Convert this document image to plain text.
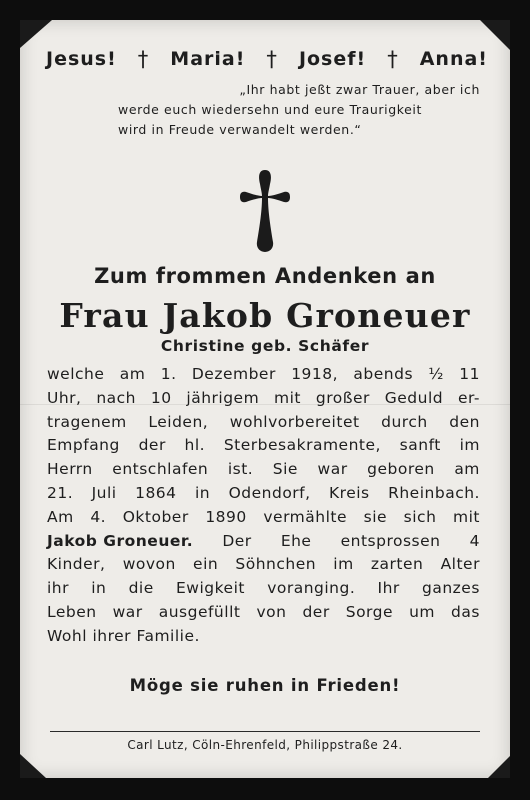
Jesus! † Maria! † Josef! † Anna!
„Ihr habt jeßt zwar Trauer, aber ich
werde euch wiedersehn und eure Traurigkeit
wird in Freude verwandelt werden.“
Zum frommen Andenken an
Frau Jakob Groneuer
Christine geb. Schäfer
welche am 1. Dezember 1918, abends ½ 11
Uhr, nach 10 jährigem mit großer Geduld er-
tragenem Leiden, wohlvorbereitet durch den
Empfang der hl. Sterbesakramente, sanft im
Herrn entschlafen ist. Sie war geboren am
21. Juli 1864 in Odendorf, Kreis Rheinbach.
Am 4. Oktober 1890 vermählte sie sich mit
Jakob Groneuer. Der Ehe entsprossen 4
Kinder, wovon ein Söhnchen im zarten Alter
ihr in die Ewigkeit voranging. Ihr ganzes
Leben war ausgefüllt von der Sorge um das
Wohl ihrer Familie.
Möge sie ruhen in Frieden!
Carl Lutz, Cöln-Ehrenfeld, Philippstraße 24.
